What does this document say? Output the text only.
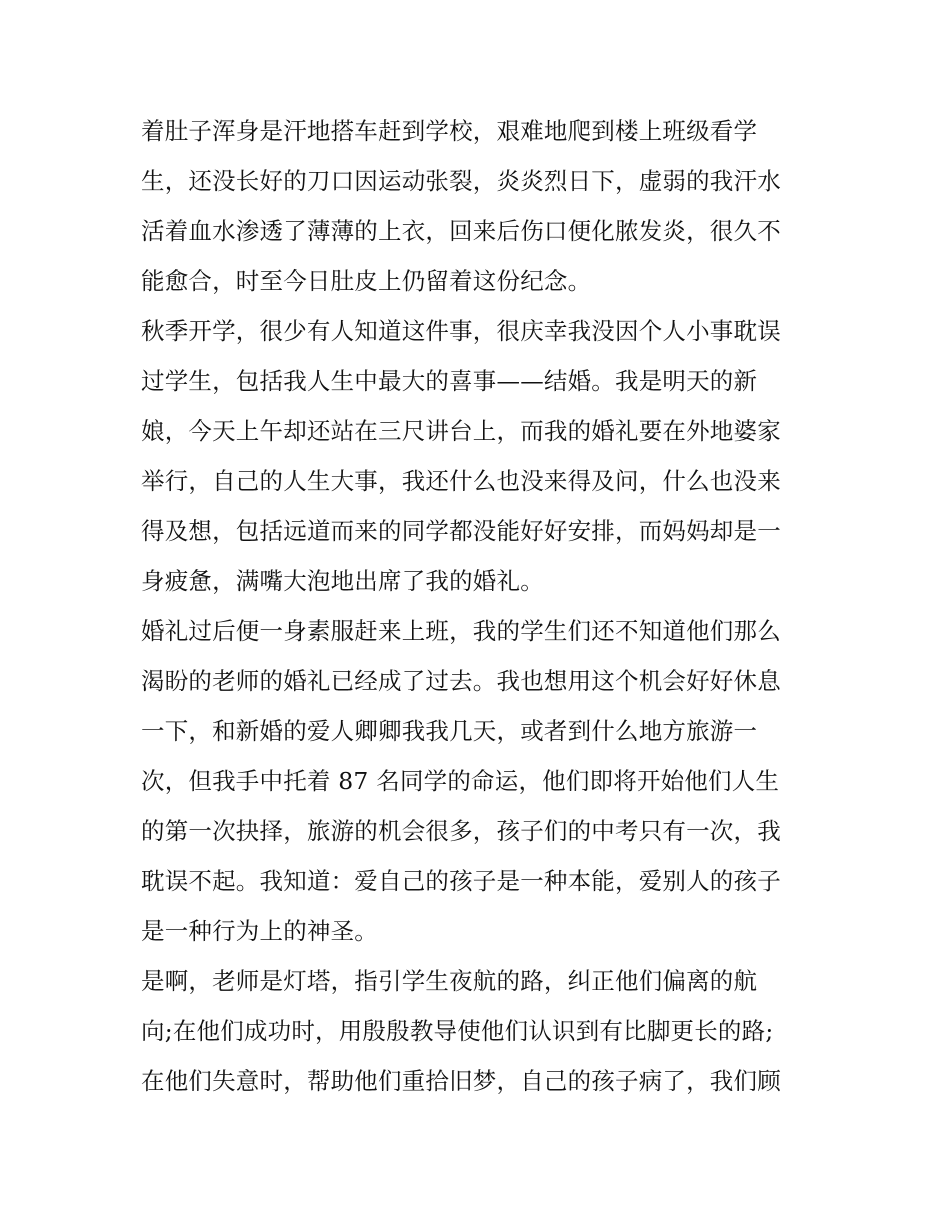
着肚子浑身是汗地搭车赶到学校，艰难地爬到楼上班级看学
生，还没长好的刀口因运动张裂，炎炎烈日下，虚弱的我汗水
活着血水渗透了薄薄的上衣，回来后伤口便化脓发炎，很久不
能愈合，时至今日肚皮上仍留着这份纪念。

秋季开学，很少有人知道这件事，很庆幸我没因个人小事耽误
过学生，包括我人生中最大的喜事——结婚。我是明天的新
娘，今天上午却还站在三尺讲台上，而我的婚礼要在外地婆家
举行，自己的人生大事，我还什么也没来得及问，什么也没来
得及想，包括远道而来的同学都没能好好安排，而妈妈却是一
身疲惫，满嘴大泡地出席了我的婚礼。

婚礼过后便一身素服赶来上班，我的学生们还不知道他们那么
渴盼的老师的婚礼已经成了过去。我也想用这个机会好好休息
一下，和新婚的爱人卿卿我我几天，或者到什么地方旅游一
次，但我手中托着 87 名同学的命运，他们即将开始他们人生
的第一次抉择，旅游的机会很多，孩子们的中考只有一次，我
耽误不起。我知道：爱自己的孩子是一种本能，爱别人的孩子
是一种行为上的神圣。

是啊，老师是灯塔，指引学生夜航的路，纠正他们偏离的航
向;在他们成功时，用殷殷教导使他们认识到有比脚更长的路;
在他们失意时，帮助他们重拾旧梦，自己的孩子病了，我们顾
